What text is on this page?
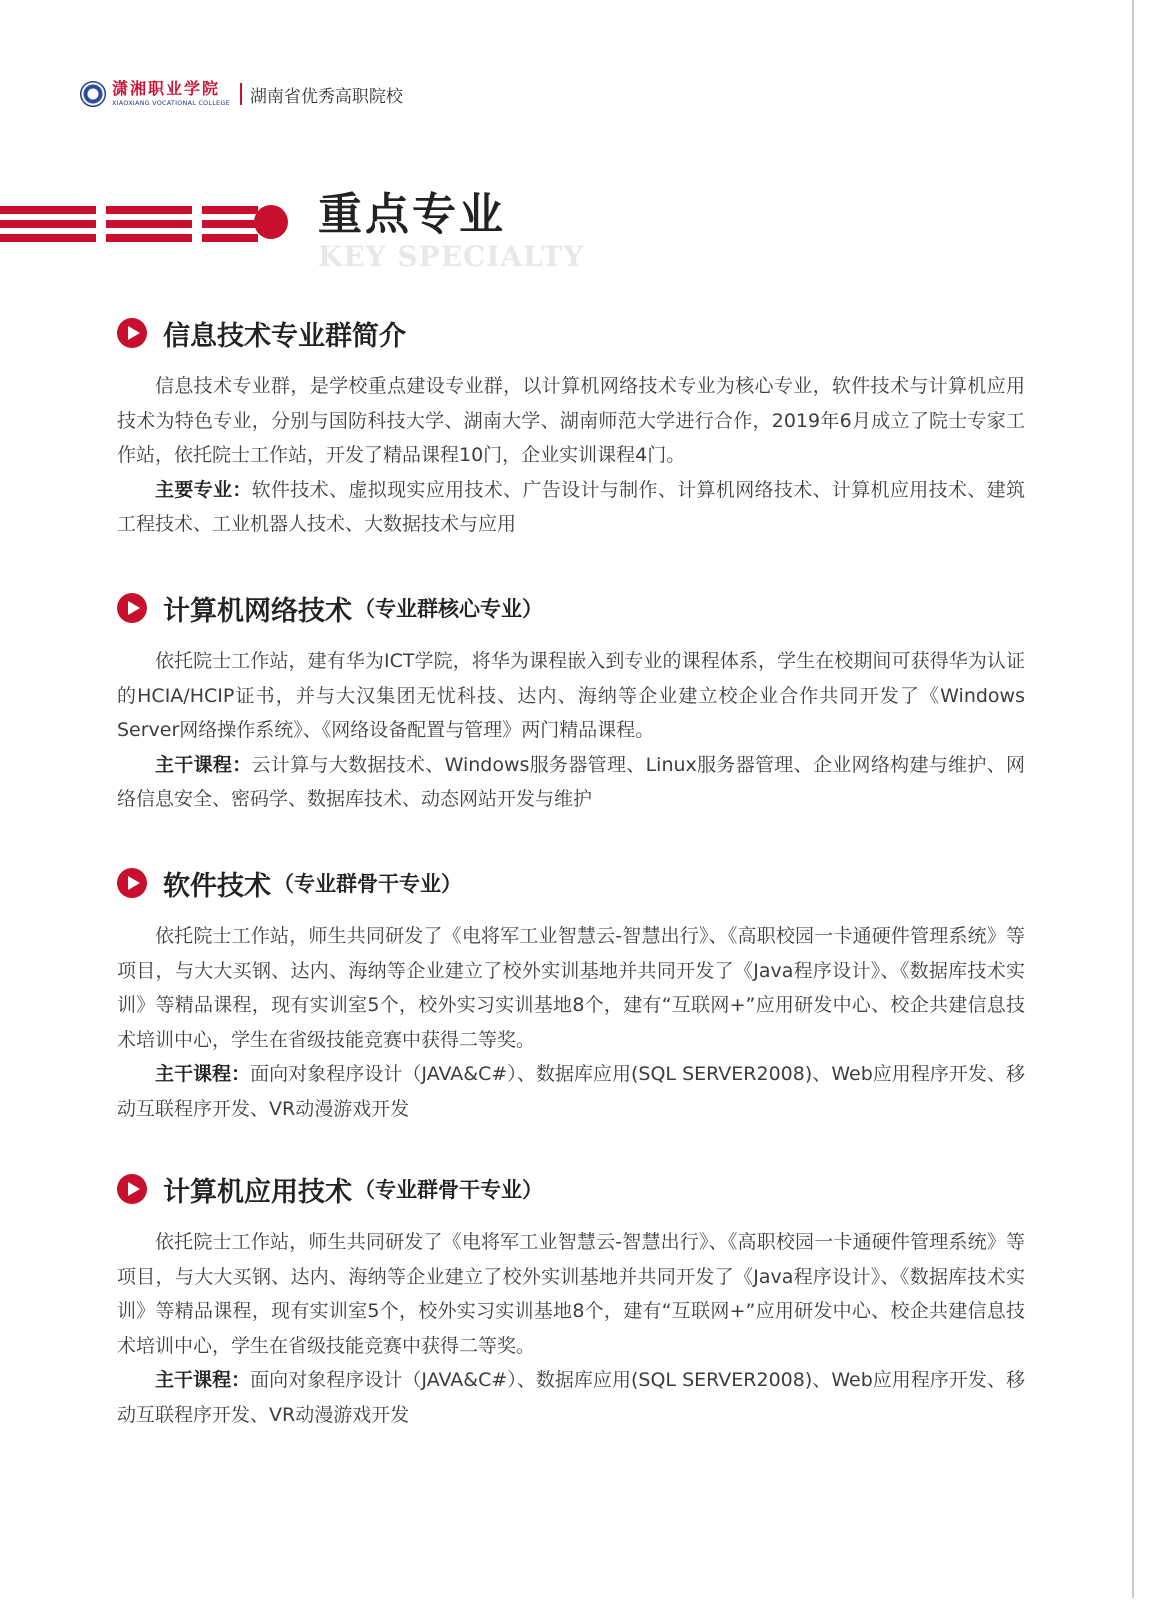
潇湘职业学院
XIAOXIANG VOCATIONAL COLLEGE 湖南省优秀高职院校
重点专业
KEY SPECIALTY
信息技术专业群简介

信息技术专业群，是学校重点建设专业群，以计算机网络技术专业为核心专业，软件技术与计算机应用技术为特色专业，分别与国防科技大学、湖南大学、湖南师范大学进行合作，2019年6月成立了院士专家工作站，依托院士工作站，开发了精品课程10门，企业实训课程4门。

主要专业：软件技术、虚拟现实应用技术、广告设计与制作、计算机网络技术、计算机应用技术、建筑工程技术、工业机器人技术、大数据技术与应用

计算机网络技术 （专业群核心专业）

依托院士工作站，建有华为ICT学院，将华为课程嵌入到专业的课程体系，学生在校期间可获得华为认证的HCIA/HCIP证书，并与大汉集团无忧科技、达内、海纳等企业建立校企业合作共同开发了《Windows Server网络操作系统》、《网络设备配置与管理》两门精品课程。

主干课程：云计算与大数据技术、Windows服务器管理、Linux服务器管理、企业网络构建与维护、网络信息安全、密码学、数据库技术、动态网站开发与维护

软件技术 （专业群骨干专业）

依托院士工作站，师生共同研发了《电将军工业智慧云-智慧出行》、《高职校园一卡通硬件管理系统》等项目，与大大买钢、达内、海纳等企业建立了校外实训基地并共同开发了《Java程序设计》、《数据库技术实训》等精品课程，现有实训室5个，校外实习实训基地8个，建有“互联网+”应用研发中心、校企共建信息技术培训中心，学生在省级技能竞赛中获得二等奖。

主干课程：面向对象程序设计（JAVA&C#）、数据库应用(SQL SERVER2008)、Web应用程序开发、移动互联程序开发、VR动漫游戏开发

计算机应用技术 （专业群骨干专业）

依托院士工作站，师生共同研发了《电将军工业智慧云-智慧出行》、《高职校园一卡通硬件管理系统》等项目，与大大买钢、达内、海纳等企业建立了校外实训基地并共同开发了《Java程序设计》、《数据库技术实训》等精品课程，现有实训室5个，校外实习实训基地8个，建有“互联网+”应用研发中心、校企共建信息技术培训中心，学生在省级技能竞赛中获得二等奖。

主干课程：面向对象程序设计（JAVA&C#）、数据库应用(SQL SERVER2008)、Web应用程序开发、移动互联程序开发、VR动漫游戏开发
